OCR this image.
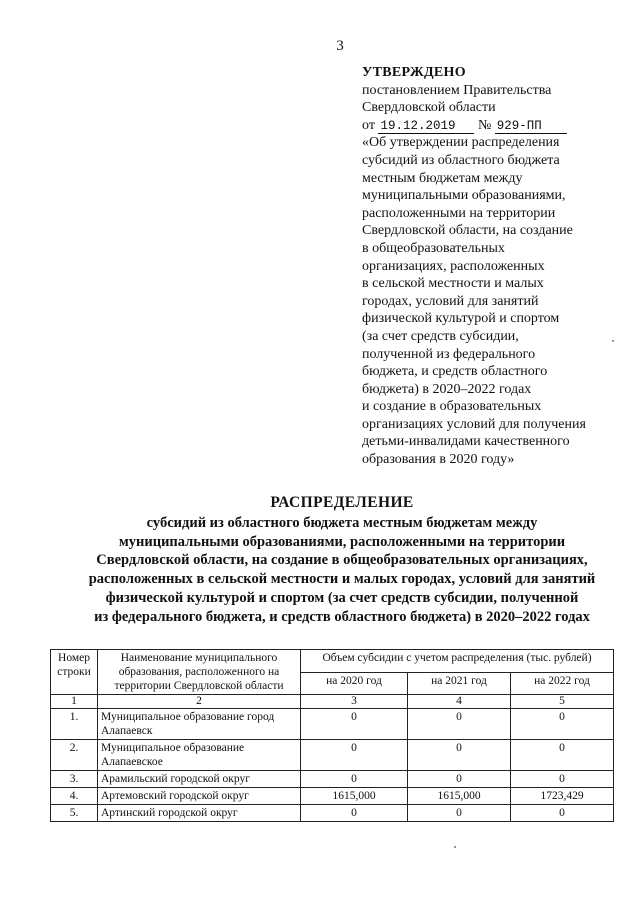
3
УТВЕРЖДЕНО
постановлением Правительства
Свердловской области
от 19.12.2019 № 929-ПП
«Об утверждении распределения
субсидий из областного бюджета
местным бюджетам между
муниципальными образованиями,
расположенными на территории
Свердловской области, на создание
в общеобразовательных
организациях, расположенных
в сельской местности и малых
городах, условий для занятий
физической культурой и спортом
(за счет средств субсидии,
полученной из федерального
бюджета, и средств областного
бюджета) в 2020–2022 годах
и создание в образовательных
организациях условий для получения
детьми-инвалидами качественного
образования в 2020 году»
РАСПРЕДЕЛЕНИЕ
субсидий из областного бюджета местным бюджетам между
муниципальными образованиями, расположенными на территории
Свердловской области, на создание в общеобразовательных организациях,
расположенных в сельской местности и малых городах, условий для занятий
физической культурой и спортом (за счет средств субсидии, полученной
из федерального бюджета, и средств областного бюджета) в 2020–2022 годах
Номер строки	Наименование муниципального образования, расположенного на территории Свердловской области	Объем субсидии с учетом распределения (тыс. рублей)		
		на 2020 год	на 2021 год	на 2022 год
1	2	3	4	5
1.	Муниципальное образование город Алапаевск	0	0	0
2.	Муниципальное образование Алапаевское	0	0	0
3.	Арамильский городской округ	0	0	0
4.	Артемовский городской округ	1615,000	1615,000	1723,429
5.	Артинский городской округ	0	0	0
